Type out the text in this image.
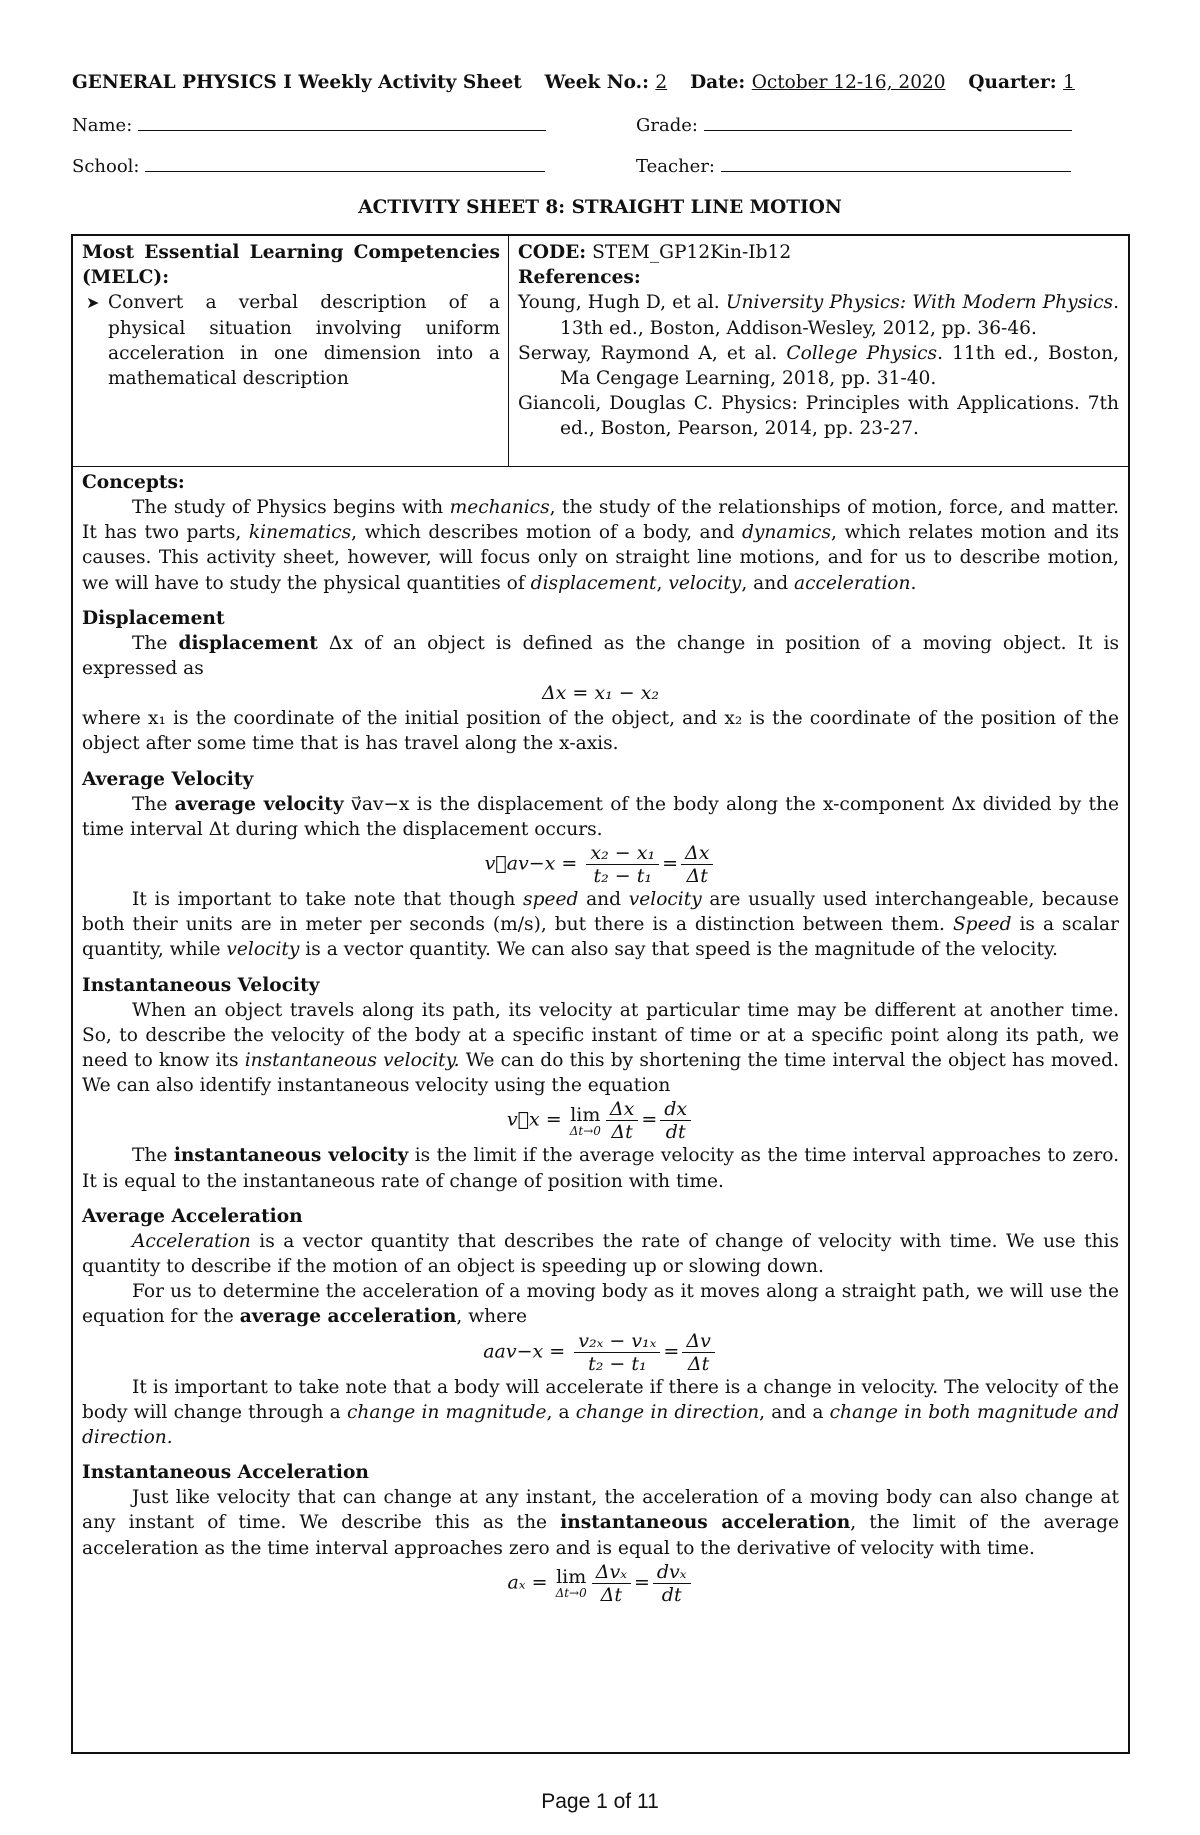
GENERAL PHYSICS I Weekly Activity Sheet Week No.: 2 Date: October 12-16, 2020 Quarter: 1
Name:	Grade:
School:	Teacher:
ACTIVITY SHEET 8: STRAIGHT LINE MOTION
Most Essential Learning Competencies (MELC):
➤ Convert a verbal description of a physical situation involving uniform acceleration in one dimension into a mathematical description
CODE: STEM_GP12Kin-Ib12
References:
Young, Hugh D, et al. University Physics: With Modern Physics. 13th ed., Boston, Addison-Wesley, 2012, pp. 36-46.
Serway, Raymond A, et al. College Physics. 11th ed., Boston, Ma Cengage Learning, 2018, pp. 31-40.
Giancoli, Douglas C. Physics: Principles with Applications. 7th ed., Boston, Pearson, 2014, pp. 23-27.
Concepts:

The study of Physics begins with mechanics, the study of the relationships of motion, force, and matter. It has two parts, kinematics, which describes motion of a body, and dynamics, which relates motion and its causes. This activity sheet, however, will focus only on straight line motions, and for us to describe motion, we will have to study the physical quantities of displacement, velocity, and acceleration.

Displacement

The displacement Δx of an object is defined as the change in position of a moving object. It is expressed as

Δx = x₁ − x₂

where x₁ is the coordinate of the initial position of the object, and x₂ is the coordinate of the position of the object after some time that is has travel along the x-axis.

Average Velocity

The average velocity v⃗av−x is the displacement of the body along the x-component Δx divided by the time interval Δt during which the displacement occurs.

v⃗av−x = $\frac{\text{x₂ − x₁}}{\text{t₂ − t₁}} = \frac{\Delta x}{\Delta t}$

It is important to take note that though speed and velocity are usually used interchangeable, because both their units are in meter per seconds (m/s), but there is a distinction between them. Speed is a scalar quantity, while velocity is a vector quantity. We can also say that speed is the magnitude of the velocity.

Instantaneous Velocity

When an object travels along its path, its velocity at particular time may be different at another time. So, to describe the velocity of the body at a specific instant of time or at a specific point along its path, we need to know its instantaneous velocity. We can do this by shortening the time interval the object has moved. We can also identify instantaneous velocity using the equation

v⃗x = lim
$\Delta t\to 0 \frac{\Delta x}{\Delta t} = \frac{dx}{dt}$

The instantaneous velocity is the limit if the average velocity as the time interval approaches to zero. It is equal to the instantaneous rate of change of position with time.

Average Acceleration

Acceleration is a vector quantity that describes the rate of change of velocity with time. We use this quantity to describe if the motion of an object is speeding up or slowing down.

For us to determine the acceleration of a moving body as it moves along a straight path, we will use the equation for the average acceleration, where

$aav-x = \frac{\text{v₂ₓ − v₁ₓ}}{\text{t₂ − t₁}} = \frac{\Delta v}{\Delta t}$

It is important to take note that a body will accelerate if there is a change in velocity. The velocity of the body will change through a change in magnitude, a change in direction, and a change in both magnitude and direction.

Instantaneous Acceleration

Just like velocity that can change at any instant, the acceleration of a moving body can also change at any instant of time. We describe this as the instantaneous acceleration, the limit of the average acceleration as the time interval approaches zero and is equal to the derivative of velocity with time.

aₓ = lim
$\Delta t\to 0 \frac{\text{Δvₓ}}{\Delta t} = \frac{\text{dvₓ}}{dt}$
Page 1 of 11
